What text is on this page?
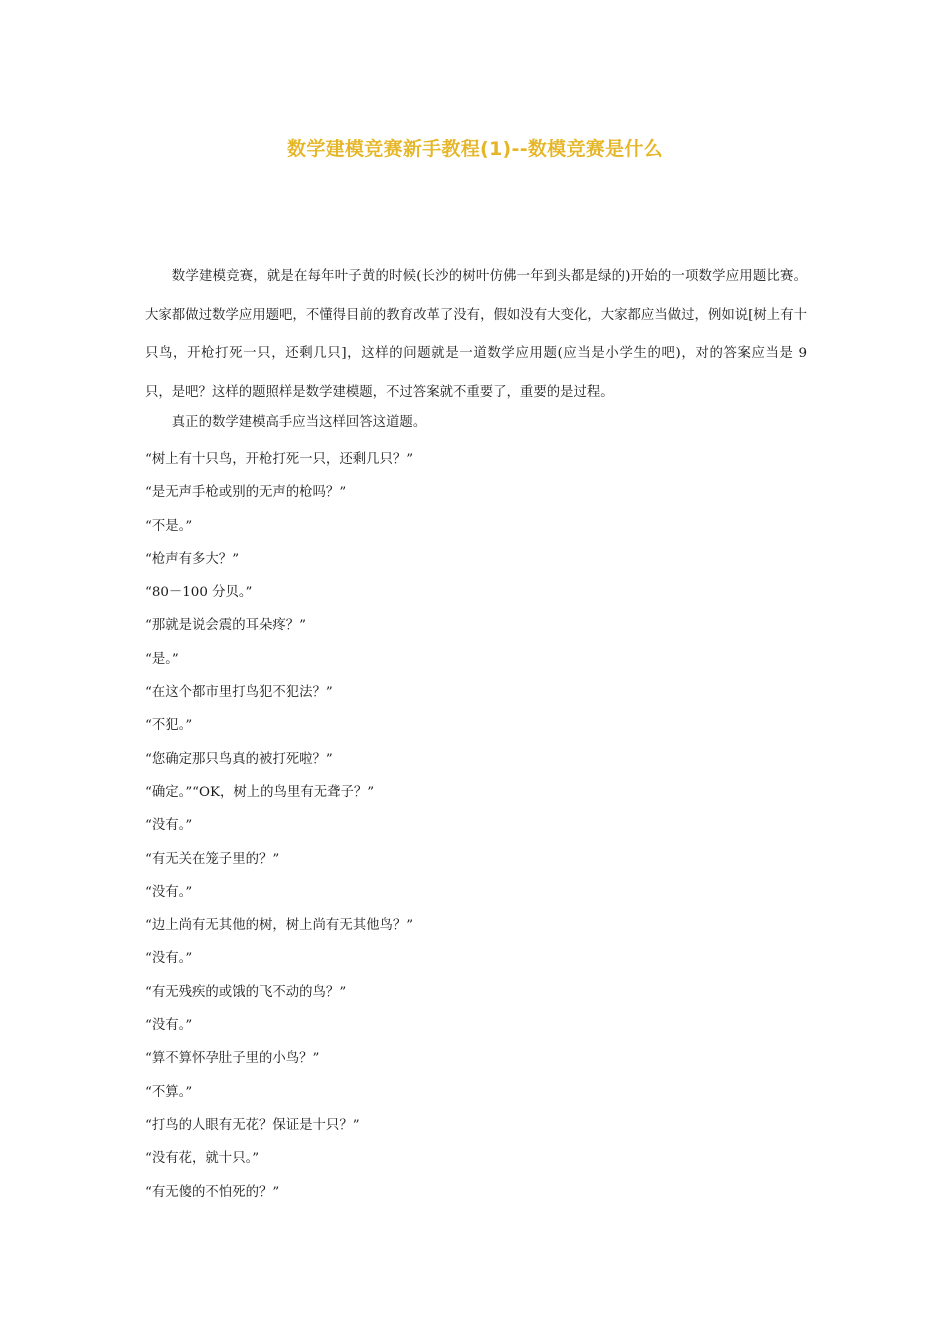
数学建模竞赛新手教程(1)--数模竞赛是什么

数学建模竞赛，就是在每年叶子黄的时候(长沙的树叶仿佛一年到头都是绿的)开始的一项数学应用题比赛。大家都做过数学应用题吧，不懂得目前的教育改革了没有，假如没有大变化，大家都应当做过，例如说[树上有十只鸟，开枪打死一只，还剩几只]，这样的问题就是一道数学应用题(应当是小学生的吧)，对的答案应当是 9 只，是吧？这样的题照样是数学建模题，不过答案就不重要了，重要的是过程。

真正的数学建模高手应当这样回答这道题。

“树上有十只鸟，开枪打死一只，还剩几只？”
“是无声手枪或别的无声的枪吗？”
“不是。”
“枪声有多大？”
“80－100 分贝。”
“那就是说会震的耳朵疼？”
“是。”
“在这个都市里打鸟犯不犯法？”
“不犯。”
“您确定那只鸟真的被打死啦？”
“确定。”“OK，树上的鸟里有无聋子？”
“没有。”
“有无关在笼子里的？”
“没有。”
“边上尚有无其他的树，树上尚有无其他鸟？”
“没有。”
“有无残疾的或饿的飞不动的鸟？”
“没有。”
“算不算怀孕肚子里的小鸟？”
“不算。”
“打鸟的人眼有无花？保证是十只？”
“没有花，就十只。”
“有无傻的不怕死的？”
